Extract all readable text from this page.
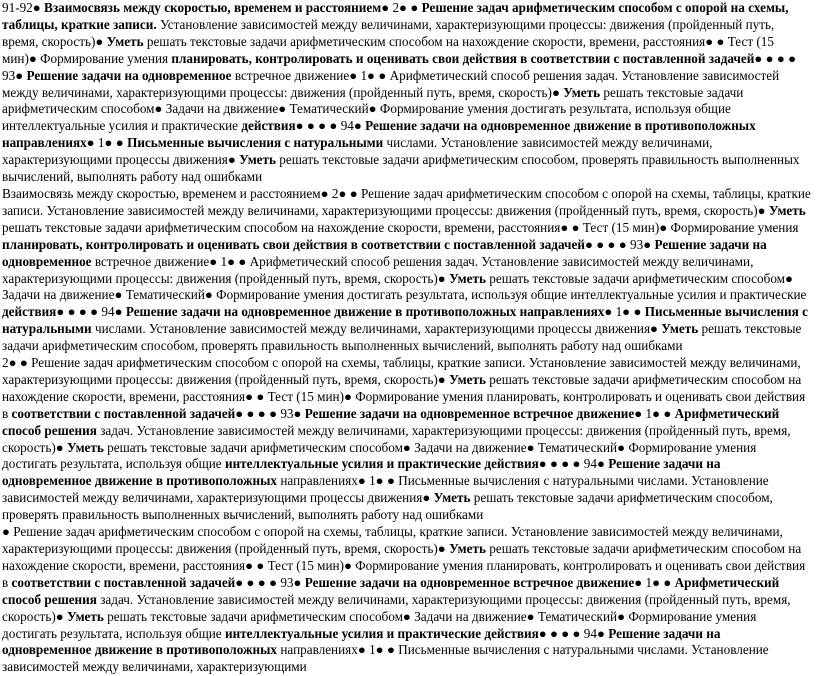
91-92● Взаимосвязь между скоростью, временем и расстоянием● 2● ● Решение задач арифметическим способом с опорой на схемы, таблицы, краткие записи. Установление зависимостей между величинами, характеризующими процессы: движения (пройденный путь, время, скорость)● Уметь решать текстовые задачи арифметическим способом на нахождение скорости, времени, расстояния● ● Тест (15 мин)● Формирование умения планировать, контролировать и оценивать свои действия в соответствии с поставленной задачей● ● ● ● 93● Решение задачи на одновременное встречное движение● 1● ● Арифметический способ решения задач. Установление зависимостей между величинами, характеризующими процессы: движения (пройденный путь, время, скорость)● Уметь решать текстовые задачи арифметическим способом● Задачи на движение● Тематический● Формирование умения достигать результата, используя общие интеллектуальные усилия и практические действия● ● ● ● 94● Решение задачи на одновременное движение в противоположных направлениях● 1● ● Письменные вычисления с натуральными числами. Установление зависимостей между величинами, характеризующими процессы движения● Уметь решать текстовые задачи арифметическим способом, проверять правильность выполненных вычислений, выполнять работу над ошибками

Взаимосвязь между скоростью, временем и расстоянием● 2● ● Решение задач арифметическим способом с опорой на схемы, таблицы, краткие записи. Установление зависимостей между величинами, характеризующими процессы: движения (пройденный путь, время, скорость)● Уметь решать текстовые задачи арифметическим способом на нахождение скорости, времени, расстояния● ● Тест (15 мин)● Формирование умения планировать, контролировать и оценивать свои действия в соответствии с поставленной задачей● ● ● ● 93● Решение задачи на одновременное встречное движение● 1● ● Арифметический способ решения задач. Установление зависимостей между величинами, характеризующими процессы: движения (пройденный путь, время, скорость)● Уметь решать текстовые задачи арифметическим способом● Задачи на движение● Тематический● Формирование умения достигать результата, используя общие интеллектуальные усилия и практические действия● ● ● ● 94● Решение задачи на одновременное движение в противоположных направлениях● 1● ● Письменные вычисления с натуральными числами. Установление зависимостей между величинами, характеризующими процессы движения● Уметь решать текстовые задачи арифметическим способом, проверять правильность выполненных вычислений, выполнять работу над ошибками

2● ● Решение задач арифметическим способом с опорой на схемы, таблицы, краткие записи. Установление зависимостей между величинами, характеризующими процессы: движения (пройденный путь, время, скорость)● Уметь решать текстовые задачи арифметическим способом на нахождение скорости, времени, расстояния● ● Тест (15 мин)● Формирование умения планировать, контролировать и оценивать свои действия в соответствии с поставленной задачей● ● ● ● 93● Решение задачи на одновременное встречное движение● 1● ● Арифметический способ решения задач. Установление зависимостей между величинами, характеризующими процессы: движения (пройденный путь, время, скорость)● Уметь решать текстовые задачи арифметическим способом● Задачи на движение● Тематический● Формирование умения достигать результата, используя общие интеллектуальные усилия и практические действия● ● ● ● 94● Решение задачи на одновременное движение в противоположных направлениях● 1● ● Письменные вычисления с натуральными числами. Установление зависимостей между величинами, характеризующими процессы движения● Уметь решать текстовые задачи арифметическим способом, проверять правильность выполненных вычислений, выполнять работу над ошибками

● Решение задач арифметическим способом с опорой на схемы, таблицы, краткие записи. Установление зависимостей между величинами, характеризующими процессы: движения (пройденный путь, время, скорость)● Уметь решать текстовые задачи арифметическим способом на нахождение скорости, времени, расстояния● ● Тест (15 мин)● Формирование умения планировать, контролировать и оценивать свои действия в соответствии с поставленной задачей● ● ● ● 93● Решение задачи на одновременное встречное движение● 1● ● Арифметический способ решения задач. Установление зависимостей между величинами, характеризующими процессы: движения (пройденный путь, время, скорость)● Уметь решать текстовые задачи арифметическим способом● Задачи на движение● Тематический● Формирование умения достигать результата, используя общие интеллектуальные усилия и практические действия● ● ● ● 94● Решение задачи на одновременное движение в противоположных направлениях● 1● ● Письменные вычисления с натуральными числами. Установление зависимостей между величинами, характеризующими
